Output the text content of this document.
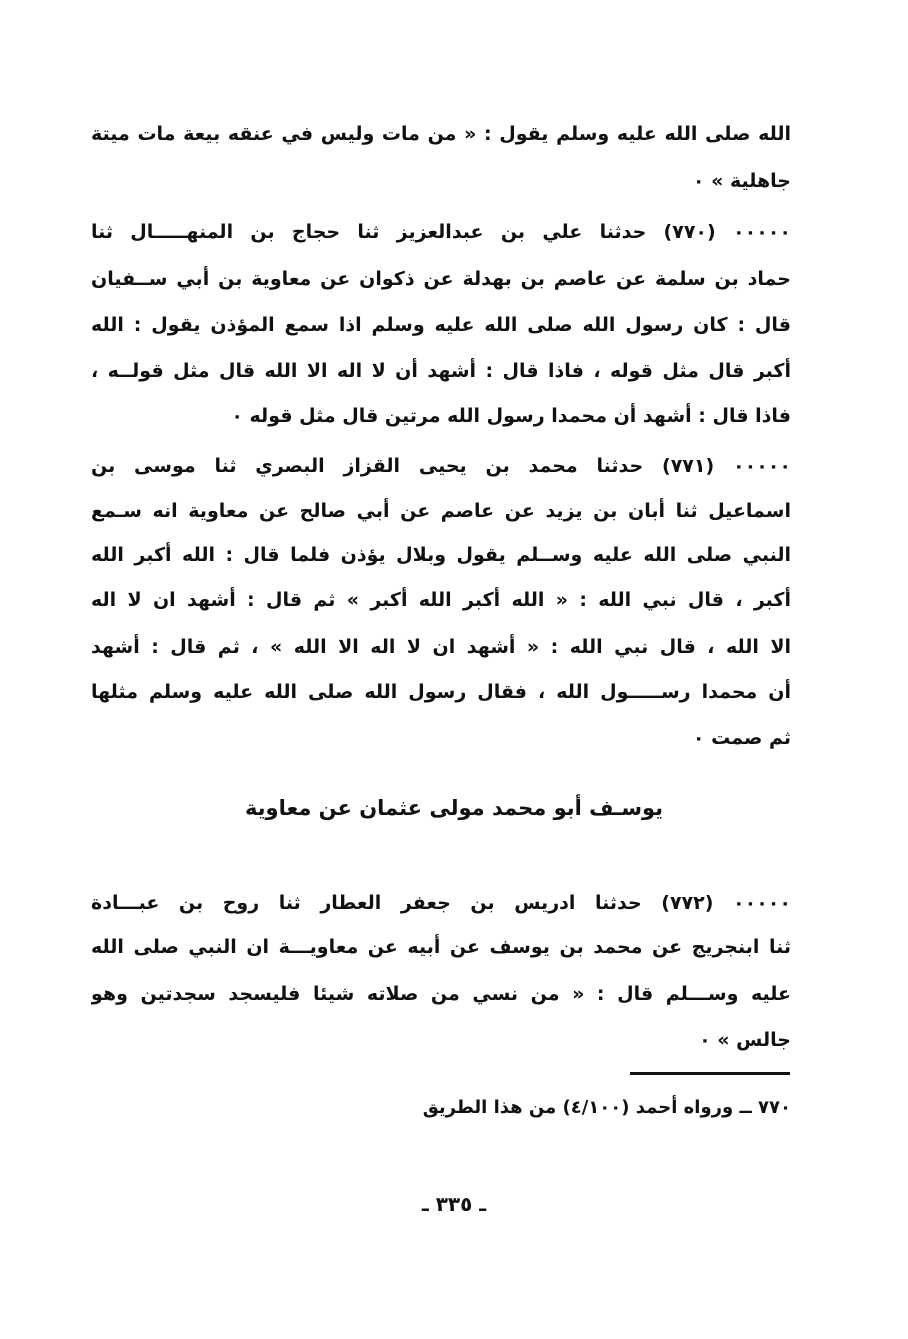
الله صلى الله عليه وسلم يقول : « من مات وليس في عنقه بيعة مات ميتة
جاهلية » ٠
٠٠٠٠٠ (٧٧٠) حدثنا علي بن عبدالعزيز ثنا حجاج بن المنهـــــال ثنا
حماد بن سلمة عن عاصم بن بهدلة عن ذكوان عن معاوية بن أبي ســفيان
قال : كان رسول الله صلى الله عليه وسلم اذا سمع المؤذن يقول : الله
أكبر قال مثل قوله ، فاذا قال : أشهد أن لا اله الا الله قال مثل قولــه ،
فاذا قال : أشهد أن محمدا رسول الله مرتين قال مثل قوله ٠
٠٠٠٠٠ (٧٧١) حدثنا محمد بن يحيى القزاز البصري ثنا موسى بن
اسماعيل ثنا أبان بن يزيد عن عاصم عن أبي صالح عن معاوية انه سـمع
النبي صلى الله عليه وســلم يقول وبلال يؤذن فلما قال : الله أكبر الله
أكبر ، قال نبي الله : « الله أكبر الله أكبر » ثم قال : أشهد ان لا اله
الا الله ، قال نبي الله : « أشهد ان لا اله الا الله » ، ثم قال : أشهد
أن محمدا رســـــول الله ، فقال رسول الله صلى الله عليه وسلم مثلها
ثم صمت ٠
يوسـف أبو محمد مولى عثمان عن معاوية
٠٠٠٠٠ (٧٧٢) حدثنا ادريس بن جعفر العطار ثنا روح بن عبـــادة
ثنا ابنجريج عن محمد بن يوسف عن أبيه عن معاويـــة ان النبي صلى الله
عليه وســـلم قال : « من نسي من صلاته شيئا فليسجد سجدتين وهو
جالس » ٠
٧٧٠ ــ ورواه أحمد (٤/١٠٠) من هذا الطريق
ـ ٣٣٥ ـ
